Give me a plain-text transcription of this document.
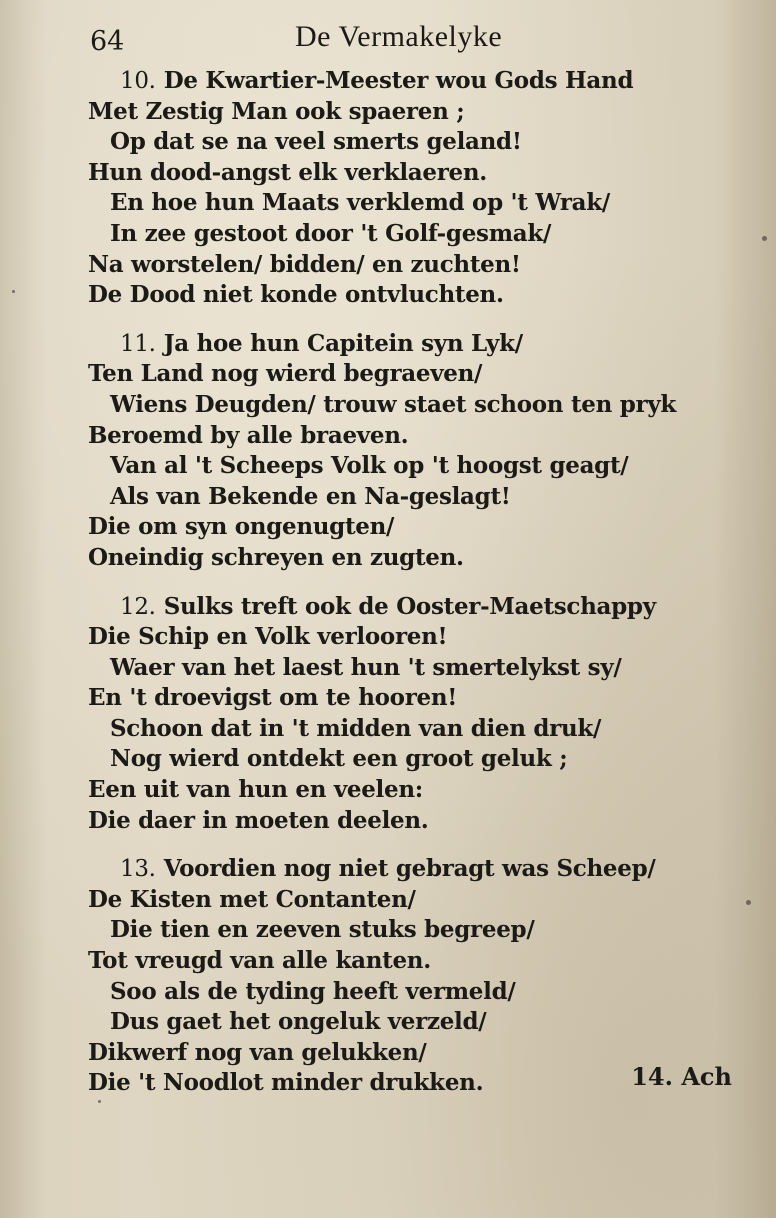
64	De Vermakelyke
10. De Kwartier-Meester wou Gods Hand
Met Zestig Man ook spaeren ;
Op dat se na veel smerts geland!
Hun dood-angst elk verklaeren.
En hoe hun Maats verklemd op 't Wrak/
In zee gestoot door 't Golf-gesmak/
Na worstelen/ bidden/ en zuchten!
De Dood niet konde ontvluchten.
11. Ja hoe hun Capitein syn Lyk/
Ten Land nog wierd begraeven/
Wiens Deugden/ trouw staet schoon ten pryk
Beroemd by alle braeven.
Van al 't Scheeps Volk op 't hoogst geagt/
Als van Bekende en Na-geslagt!
Die om syn ongenugten/
Oneindig schreyen en zugten.
12. Sulks treft ook de Ooster-Maetschappy
Die Schip en Volk verlooren!
Waer van het laest hun 't smertelykst sy/
En 't droevigst om te hooren!
Schoon dat in 't midden van dien druk/
Nog wierd ontdekt een groot geluk ;
Een uit van hun en veelen:
Die daer in moeten deelen.
13. Voordien nog niet gebragt was Scheep/
De Kisten met Contanten/
Die tien en zeeven stuks begreep/
Tot vreugd van alle kanten.
Soo als de tyding heeft vermeld/
Dus gaet het ongeluk verzeld/
Dikwerf nog van gelukken/
Die 't Noodlot minder drukken.	14. Ach
